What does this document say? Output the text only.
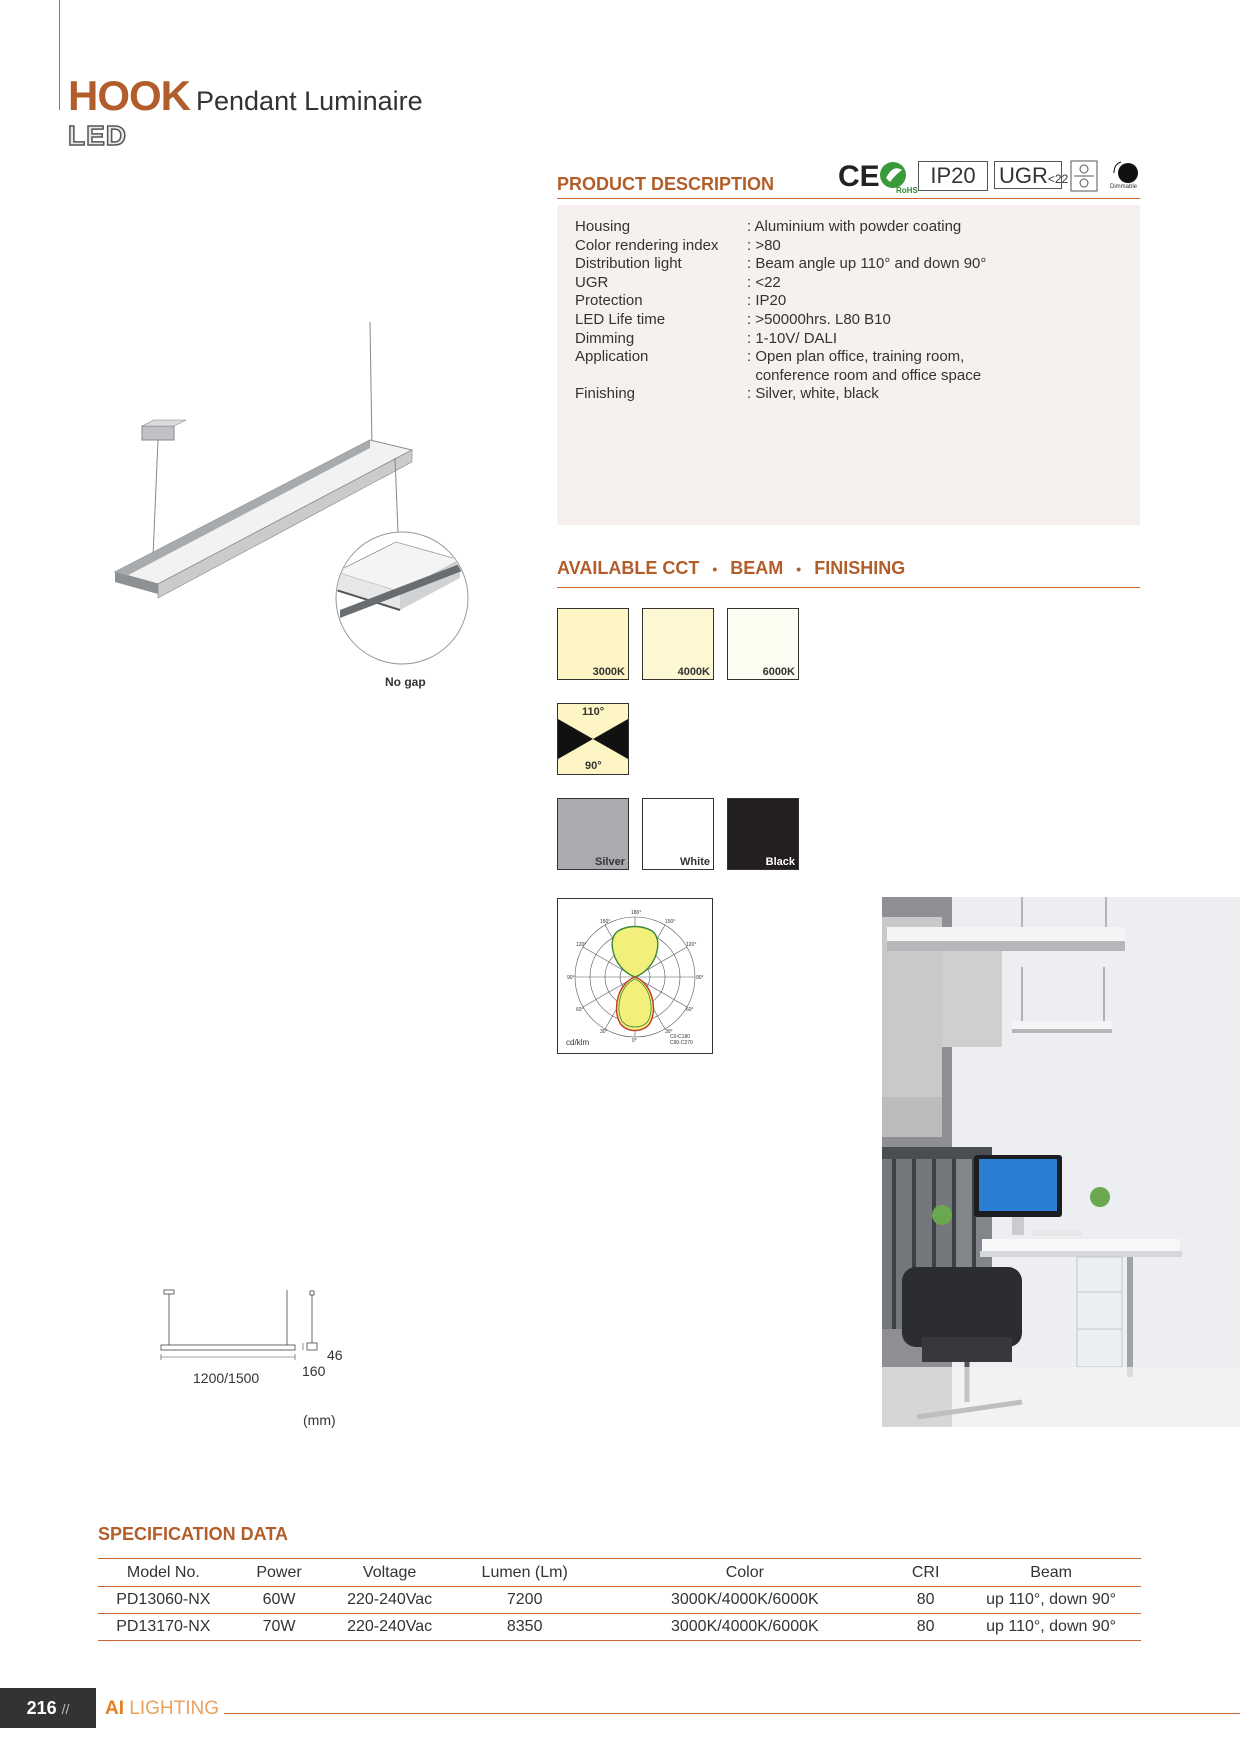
HOOK Pendant Luminaire
LED
PRODUCT DESCRIPTION CE RoHS
IP20	UGR<22
Dimmable
Housing	: Aluminium with powder coating
Color rendering index : >80
Distribution light	: Beam angle up 110° and down 90°
UGR	: <22
Protection	: IP20
LED Life time	: >50000hrs. L80 B10
Dimming	: 1-10V/ DALI
Application	: Open plan office, training room,
conference room and office space
Finishing	: Silver, white, black
AVAILABLE CCT • BEAM • FINISHING
3000K	4000K	6000K
110°
90°
Silver	White	Black
180°
150°	150°
120°	120°
90°	90°
60°	60°
30°
0°
30°
C0-C180
C90-C270
cd/klm
No gap
1200/1500	160
46
(mm)
SPECIFICATION DATA
Model No.	Power	Voltage	Lumen (Lm)	Color	CRI	Beam
PD13060-NX	60W	220-240Vac	7200	3000K/4000K/6000K	80	up 110°, down 90°
PD13170-NX	70W	220-240Vac	8350	3000K/4000K/6000K	80	up 110°, down 90°
216 //	AI LIGHTING
